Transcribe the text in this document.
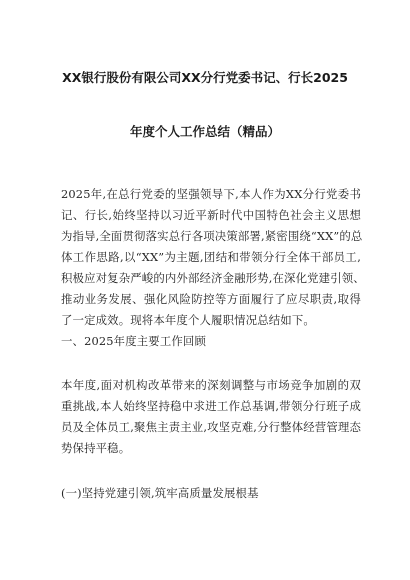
XX银行股份有限公司XX分行党委书记、行长2025
年度个人工作总结（精品）
2025年,在总行党委的坚强领导下,本人作为XX分行党委书
记、行长,始终坚持以习近平新时代中国特色社会主义思想
为指导,全面贯彻落实总行各项决策部署,紧密围绕“XX”的总
体工作思路,以“XX”为主题,团结和带领分行全体干部员工,
积极应对复杂严峻的内外部经济金融形势,在深化党建引领、
推动业务发展、强化风险防控等方面履行了应尽职责,取得
了一定成效。现将本年度个人履职情况总结如下。
一、2025年度主要工作回顾
本年度,面对机构改革带来的深刻调整与市场竞争加剧的双
重挑战,本人始终坚持稳中求进工作总基调,带领分行班子成
员及全体员工,聚焦主责主业,攻坚克难,分行整体经营管理态
势保持平稳。
(一)坚持党建引领,筑牢高质量发展根基
